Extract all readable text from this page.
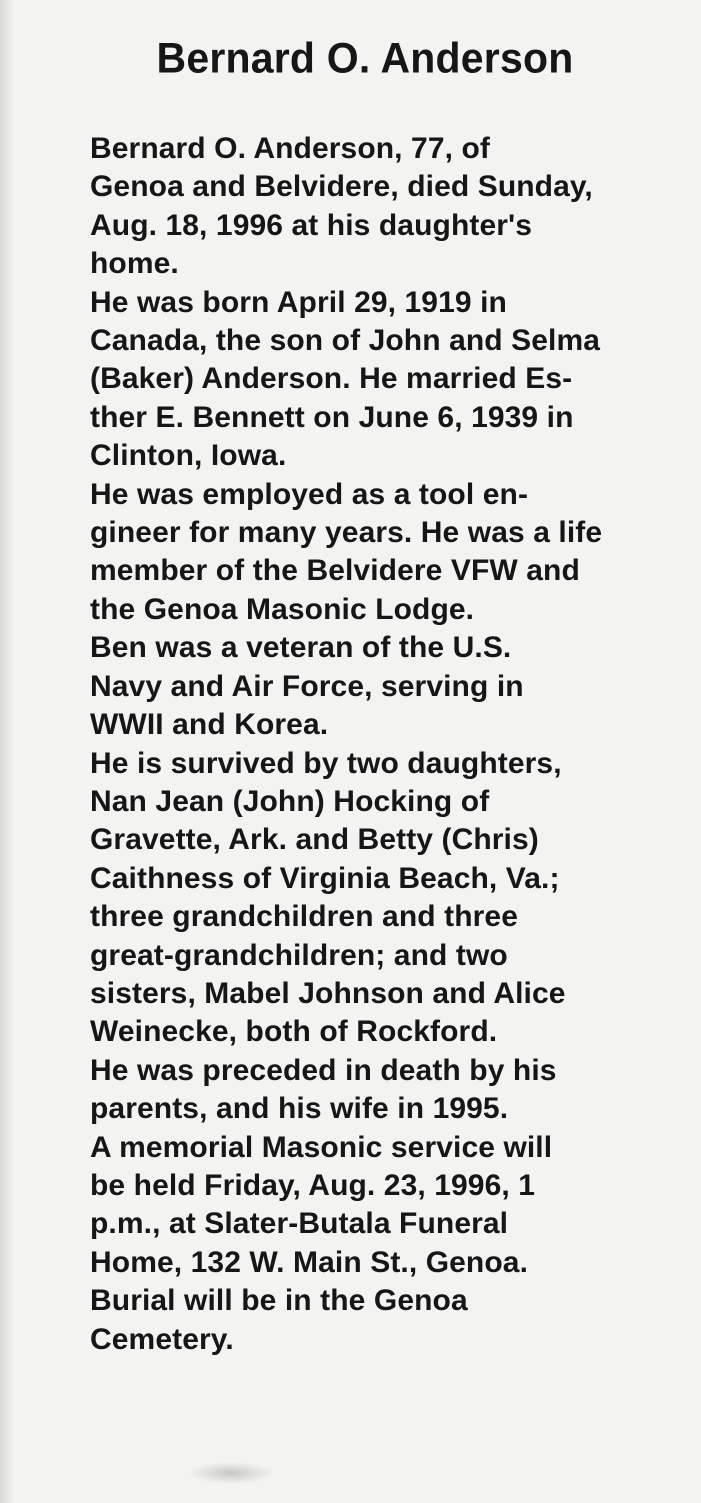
Bernard O. Anderson

Bernard O. Anderson, 77, of
Genoa and Belvidere, died Sunday,
Aug. 18, 1996 at his daughter's
home.

He was born April 29, 1919 in
Canada, the son of John and Selma
(Baker) Anderson. He married Es-
ther E. Bennett on June 6, 1939 in
Clinton, Iowa.

He was employed as a tool en-
gineer for many years. He was a life
member of the Belvidere VFW and
the Genoa Masonic Lodge.

Ben was a veteran of the U.S.
Navy and Air Force, serving in
WWII and Korea.

He is survived by two daughters,
Nan Jean (John) Hocking of
Gravette, Ark. and Betty (Chris)
Caithness of Virginia Beach, Va.;
three grandchildren and three
great-grandchildren; and two
sisters, Mabel Johnson and Alice
Weinecke, both of Rockford.

He was preceded in death by his
parents, and his wife in 1995.

A memorial Masonic service will
be held Friday, Aug. 23, 1996, 1
p.m., at Slater-Butala Funeral
Home, 132 W. Main St., Genoa.
Burial will be in the Genoa
Cemetery.
